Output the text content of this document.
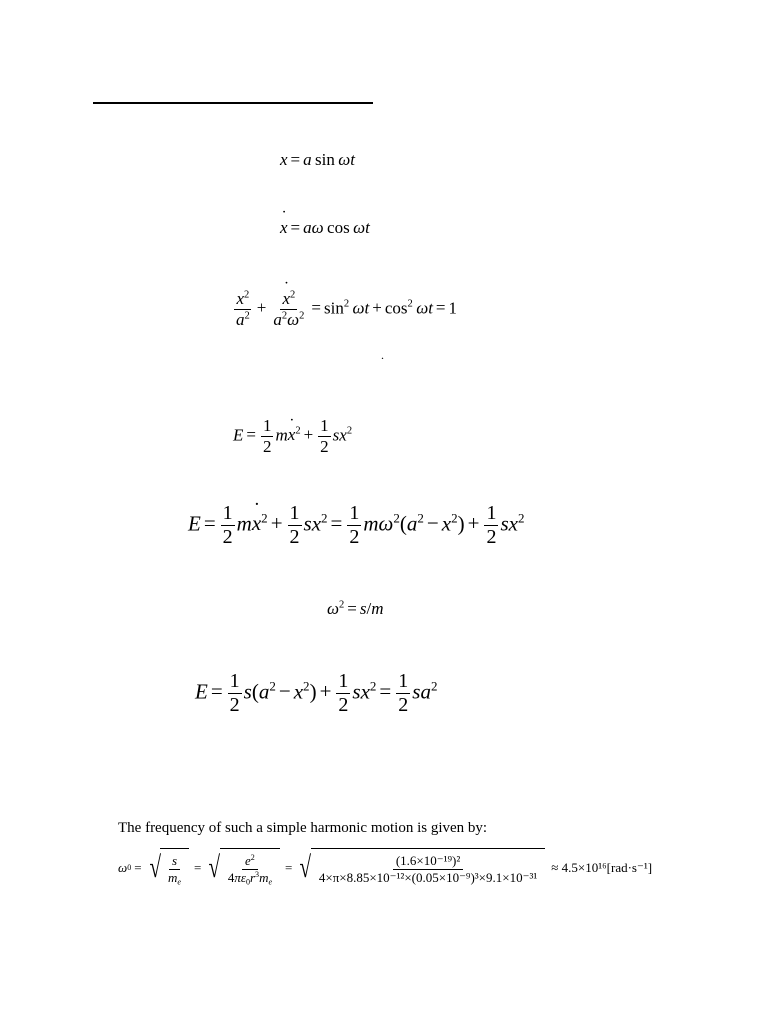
x = a sin ωt
x ˙ = aω cos ωt
$\frac{x^2}{a^2} + \frac{x ˙^2}{a^2\omega^2} = \sin^2 \omega t + \cos^2 \omega t = 1$
.
$E = \frac{1}{2}$ mx ˙$^2$ + $\frac{1}{2} sx^2$
$E = \frac{1}{2}$ mx ˙$^2$ + $\frac{1}{2} sx^2 = \frac{1}{2} m\omega^2(a^2 - x^2) + \frac{1}{2} sx^2$
$\omega^2 = s/m$
$E = \frac{1}{2} s(a^2 - x^2) + \frac{1}{2} sx^2 = \frac{1}{2} sa^2$
The frequency of such a simple harmonic motion is given by:
ω 0 = √ $\frac{s}{m_e}$ = √ $\frac{e^2}{4\pi\varepsilon_0r^3m_e}$ = √ $\frac{\text{(1.6×10⁻¹⁹)²}}{\text{4×π×8.85×10⁻¹²×(0.05×10⁻⁹)³×9.1×10⁻³¹}} \approx 4.5\times 10^{16}[rad\cdot s^{-1}]$
